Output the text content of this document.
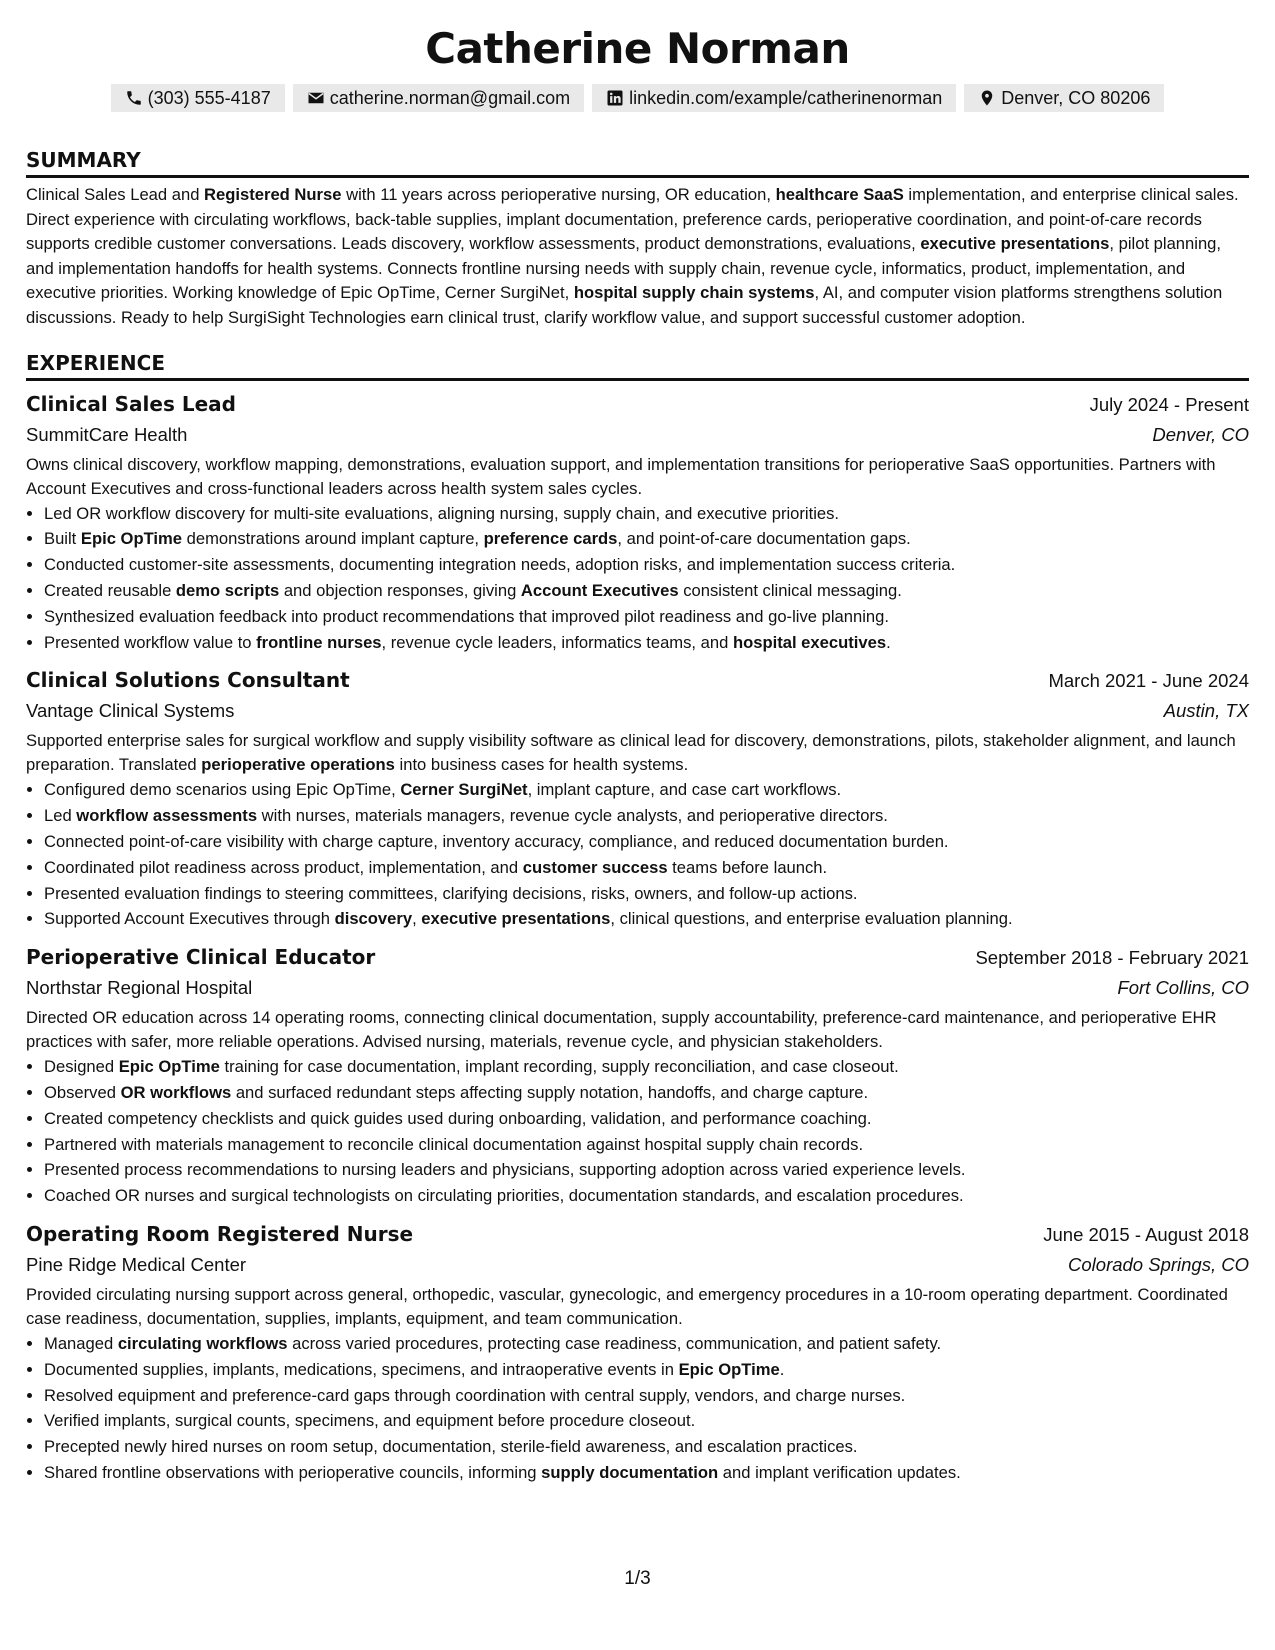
Catherine Norman
(303) 555-4187	catherine.norman@gmail.com	linkedin.com/example/catherinenorman	Denver, CO 80206
SUMMARY
Clinical Sales Lead and Registered Nurse with 11 years across perioperative nursing, OR education, healthcare SaaS implementation, and enterprise clinical sales. Direct experience with circulating workflows, back-table supplies, implant documentation, preference cards, perioperative coordination, and point-of-care records supports credible customer conversations. Leads discovery, workflow assessments, product demonstrations, evaluations, executive presentations, pilot planning, and implementation handoffs for health systems. Connects frontline nursing needs with supply chain, revenue cycle, informatics, product, implementation, and executive priorities. Working knowledge of Epic OpTime, Cerner SurgiNet, hospital supply chain systems, AI, and computer vision platforms strengthens solution discussions. Ready to help SurgiSight Technologies earn clinical trust, clarify workflow value, and support successful customer adoption.
EXPERIENCE
Clinical Sales Lead	July 2024 - Present
SummitCare Health	Denver, CO
Owns clinical discovery, workflow mapping, demonstrations, evaluation support, and implementation transitions for perioperative SaaS opportunities. Partners with Account Executives and cross-functional leaders across health system sales cycles.
• Led OR workflow discovery for multi-site evaluations, aligning nursing, supply chain, and executive priorities.
• Built Epic OpTime demonstrations around implant capture, preference cards, and point-of-care documentation gaps.
• Conducted customer-site assessments, documenting integration needs, adoption risks, and implementation success criteria.
• Created reusable demo scripts and objection responses, giving Account Executives consistent clinical messaging.
• Synthesized evaluation feedback into product recommendations that improved pilot readiness and go-live planning.
• Presented workflow value to frontline nurses, revenue cycle leaders, informatics teams, and hospital executives.
Clinical Solutions Consultant	March 2021 - June 2024
Vantage Clinical Systems	Austin, TX
Supported enterprise sales for surgical workflow and supply visibility software as clinical lead for discovery, demonstrations, pilots, stakeholder alignment, and launch preparation. Translated perioperative operations into business cases for health systems.
• Configured demo scenarios using Epic OpTime, Cerner SurgiNet, implant capture, and case cart workflows.
• Led workflow assessments with nurses, materials managers, revenue cycle analysts, and perioperative directors.
• Connected point-of-care visibility with charge capture, inventory accuracy, compliance, and reduced documentation burden.
• Coordinated pilot readiness across product, implementation, and customer success teams before launch.
• Presented evaluation findings to steering committees, clarifying decisions, risks, owners, and follow-up actions.
• Supported Account Executives through discovery, executive presentations, clinical questions, and enterprise evaluation planning.
Perioperative Clinical Educator	September 2018 - February 2021
Northstar Regional Hospital	Fort Collins, CO
Directed OR education across 14 operating rooms, connecting clinical documentation, supply accountability, preference-card maintenance, and perioperative EHR practices with safer, more reliable operations. Advised nursing, materials, revenue cycle, and physician stakeholders.
• Designed Epic OpTime training for case documentation, implant recording, supply reconciliation, and case closeout.
• Observed OR workflows and surfaced redundant steps affecting supply notation, handoffs, and charge capture.
• Created competency checklists and quick guides used during onboarding, validation, and performance coaching.
• Partnered with materials management to reconcile clinical documentation against hospital supply chain records.
• Presented process recommendations to nursing leaders and physicians, supporting adoption across varied experience levels.
• Coached OR nurses and surgical technologists on circulating priorities, documentation standards, and escalation procedures.
Operating Room Registered Nurse	June 2015 - August 2018
Pine Ridge Medical Center	Colorado Springs, CO
Provided circulating nursing support across general, orthopedic, vascular, gynecologic, and emergency procedures in a 10-room operating department. Coordinated case readiness, documentation, supplies, implants, equipment, and team communication.
• Managed circulating workflows across varied procedures, protecting case readiness, communication, and patient safety.
• Documented supplies, implants, medications, specimens, and intraoperative events in Epic OpTime.
• Resolved equipment and preference-card gaps through coordination with central supply, vendors, and charge nurses.
• Verified implants, surgical counts, specimens, and equipment before procedure closeout.
• Precepted newly hired nurses on room setup, documentation, sterile-field awareness, and escalation practices.
• Shared frontline observations with perioperative councils, informing supply documentation and implant verification updates.
1/3
